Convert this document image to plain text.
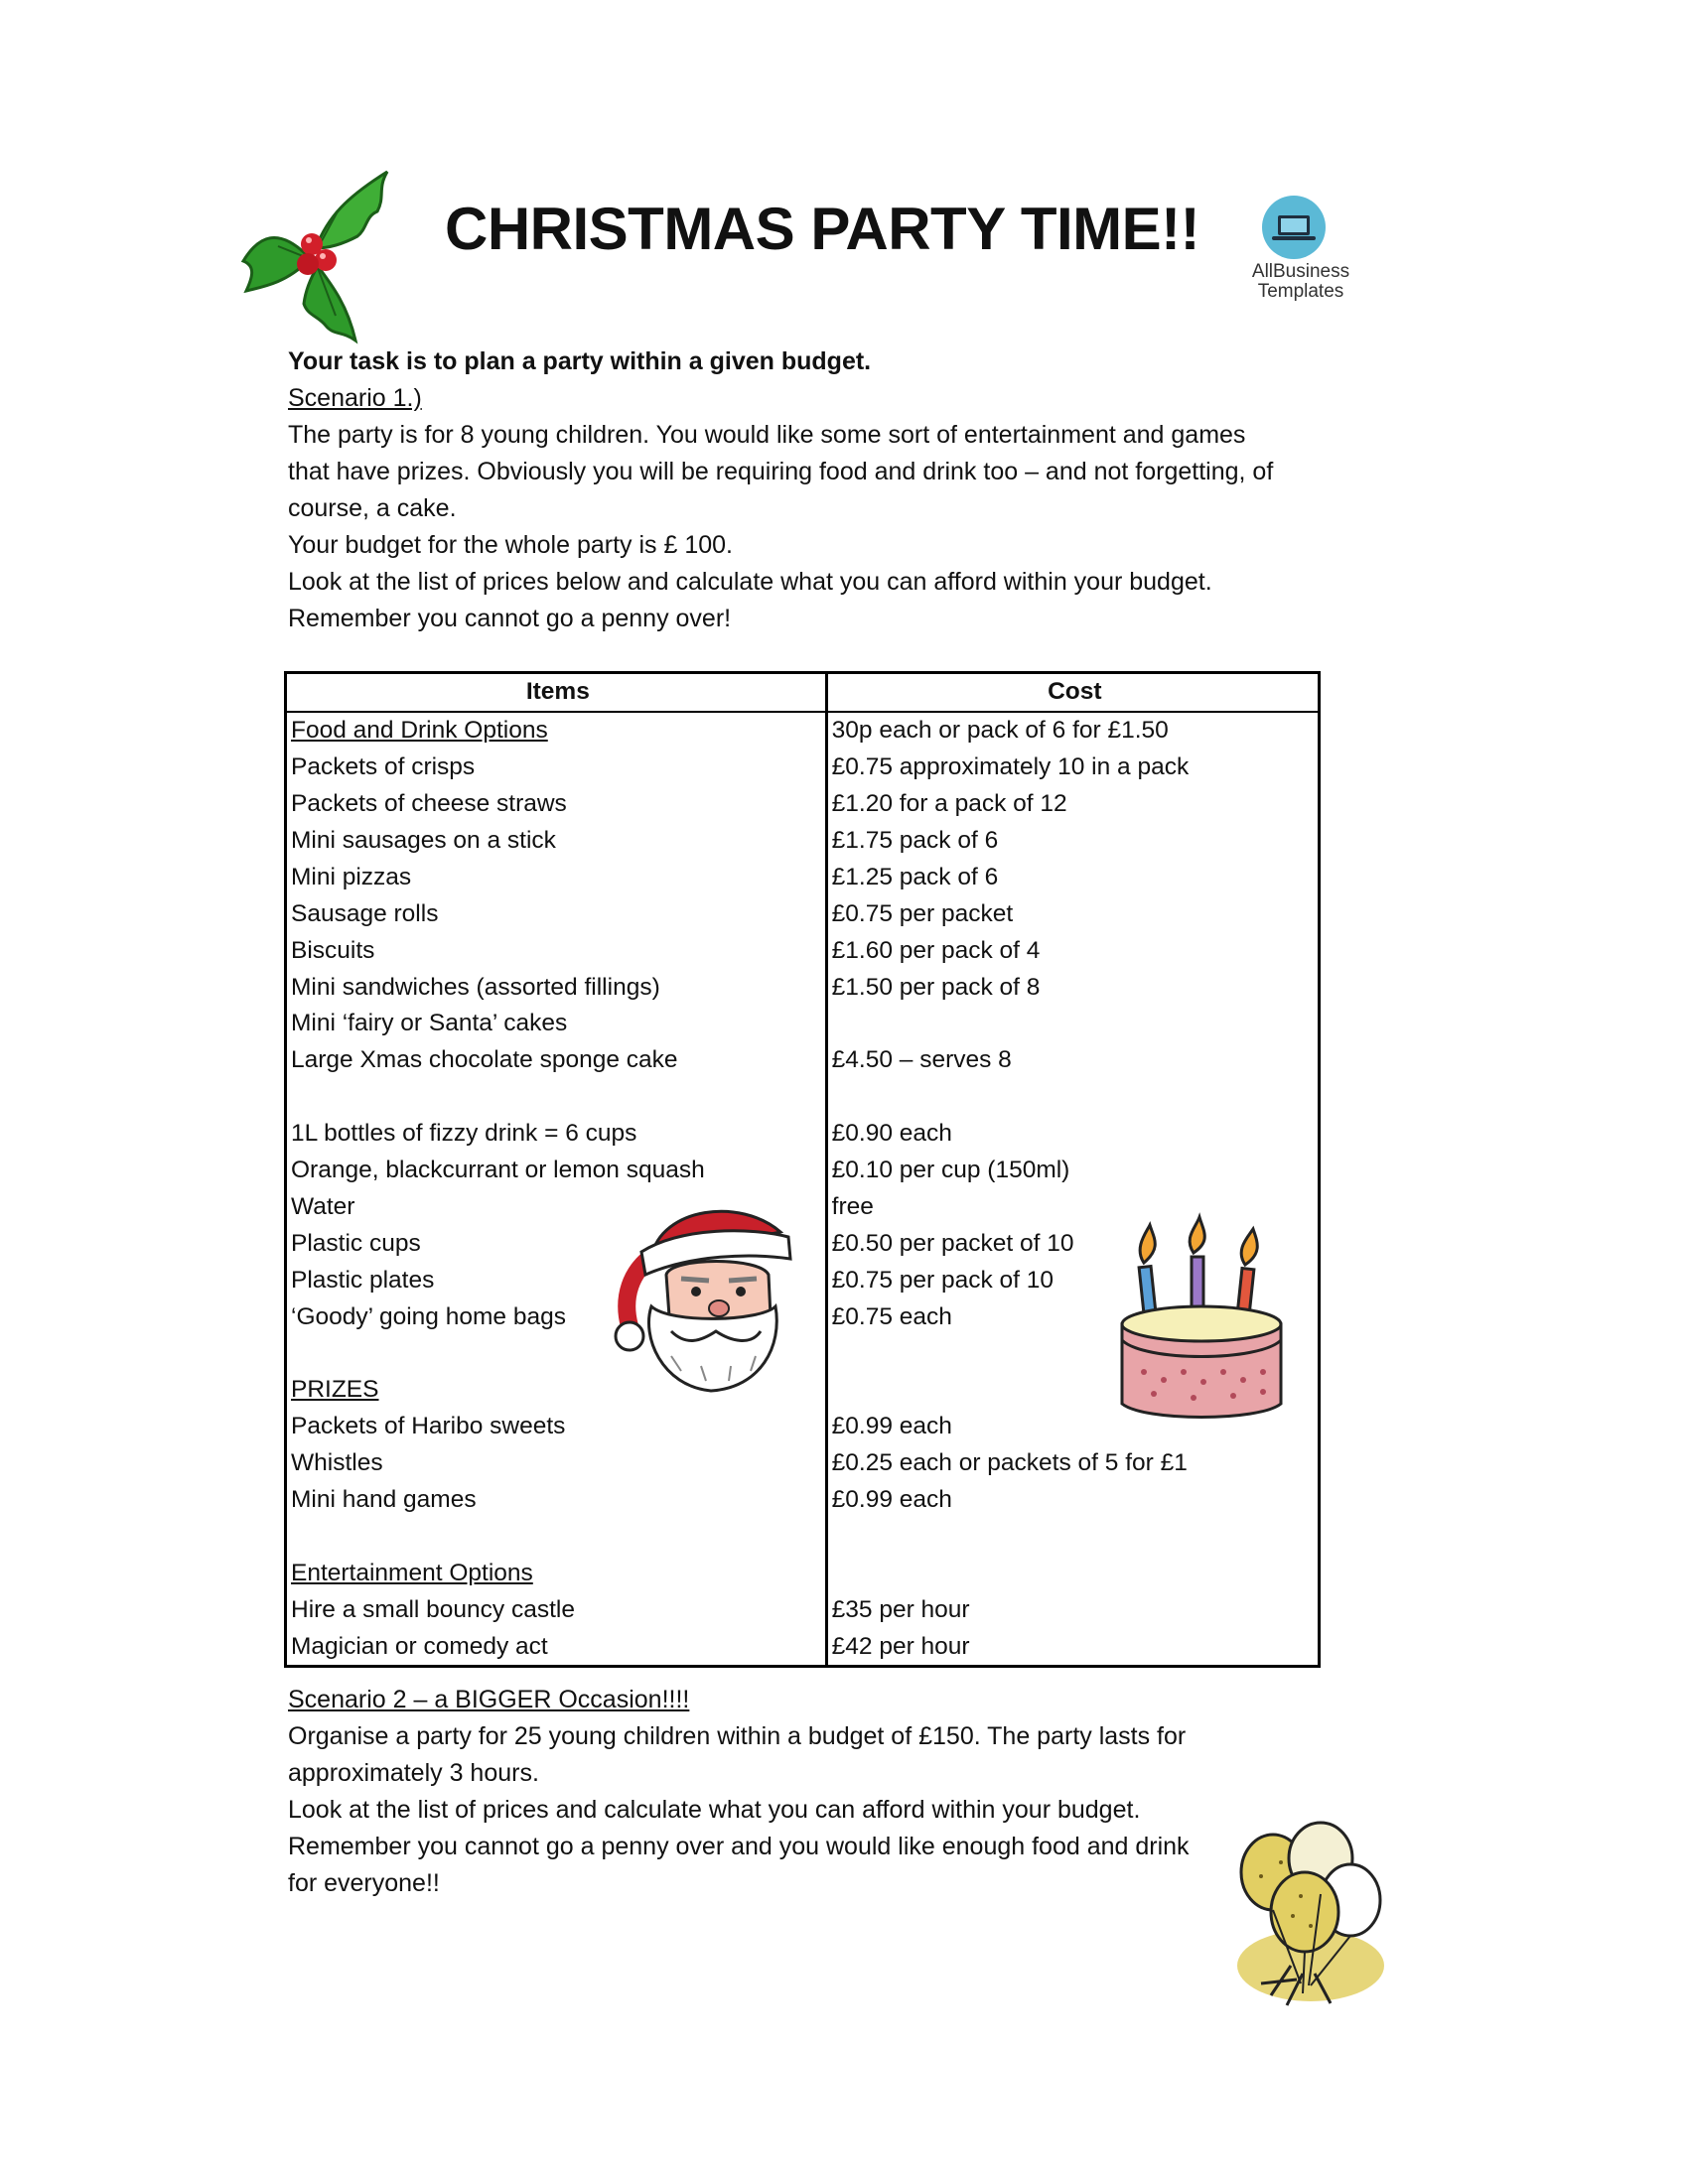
CHRISTMAS PARTY TIME!!
AllBusiness
Templates
Your task is to plan a party within a given budget.
Scenario 1.)
The party is for 8 young children. You would like some sort of entertainment and games
that have prizes. Obviously you will be requiring food and drink too – and not forgetting, of
course, a cake.
Your budget for the whole party is £ 100.
Look at the list of prices below and calculate what you can afford within your budget.
Remember you cannot go a penny over!
Items	Cost
Food and Drink Options	30p each or pack of 6 for £1.50
Packets of crisps	£0.75 approximately 10 in a pack
Packets of cheese straws	£1.20 for a pack of 12
Mini sausages on a stick	£1.75 pack of 6
Mini pizzas	£1.25 pack of 6
Sausage rolls	£0.75 per packet
Biscuits	£1.60 per pack of 4
Mini sandwiches (assorted fillings)	£1.50 per pack of 8
Mini ‘fairy or Santa’ cakes	
Large Xmas chocolate sponge cake	£4.50 – serves 8

1L bottles of fizzy drink = 6 cups	£0.90 each
Orange, blackcurrant or lemon squash	£0.10 per cup (150ml)
Water	free
Plastic cups	£0.50 per packet of 10
Plastic plates	£0.75 per pack of 10
‘Goody’ going home bags	£0.75 each

PRIZES	
Packets of Haribo sweets	£0.99 each
Whistles	£0.25 each or packets of 5 for £1
Mini hand games	£0.99 each

Entertainment Options	
Hire a small bouncy castle	£35 per hour
Magician or comedy act	£42 per hour
Scenario 2 – a BIGGER Occasion!!!!
Organise a party for 25 young children within a budget of £150. The party lasts for
approximately 3 hours.
Look at the list of prices and calculate what you can afford within your budget.
Remember you cannot go a penny over and you would like enough food and drink
for everyone!!
